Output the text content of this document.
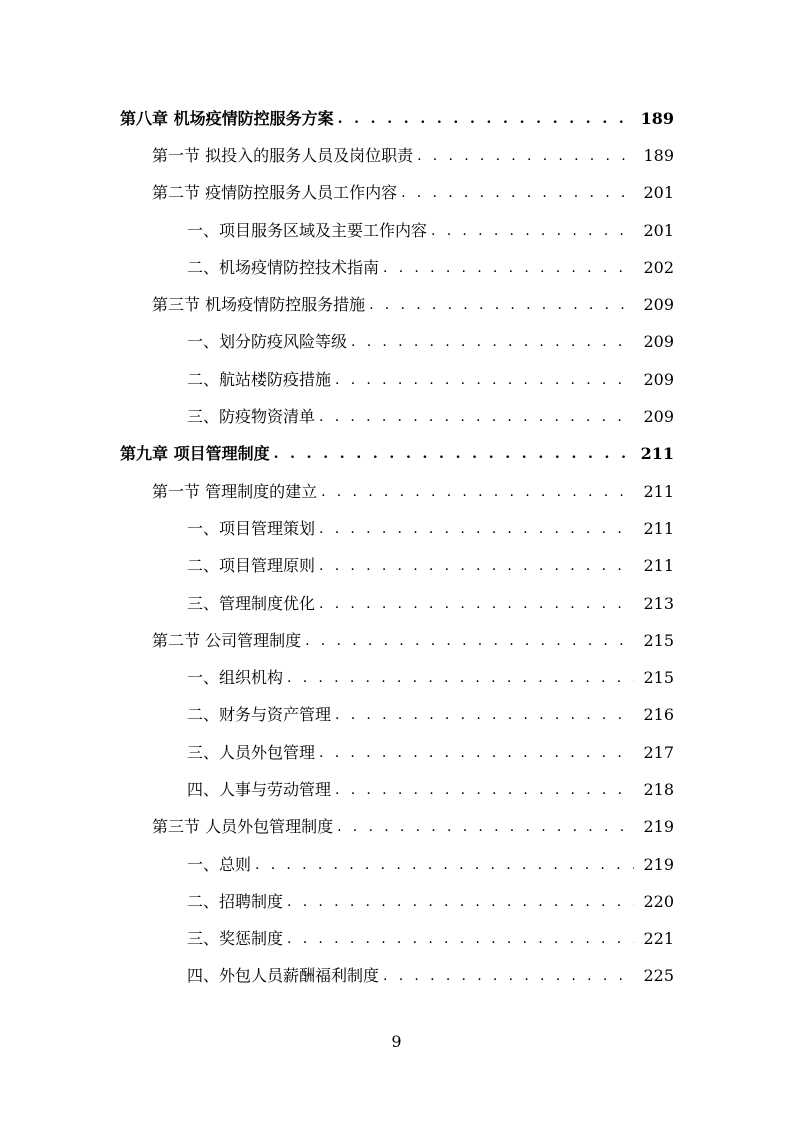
第八章 机场疫情防控服务方案 . . .	189
第一节 拟投入的服务人员及岗位职责 . . .	189
第二节 疫情防控服务人员工作内容 . . .	201
一、项目服务区域及主要工作内容 . . .	201
二、机场疫情防控技术指南 . . .	202
第三节 机场疫情防控服务措施 . . .	209
一、划分防疫风险等级 . . .	209
二、航站楼防疫措施 . . .	209
三、防疫物资清单 . . .	209
第九章 项目管理制度 . . .	211
第一节 管理制度的建立 . . .	211
一、项目管理策划 . . .	211
二、项目管理原则 . . .	211
三、管理制度优化 . . .	213
第二节 公司管理制度 . . .	215
一、组织机构 . . .	215
二、财务与资产管理 . . .	216
三、人员外包管理 . . .	217
四、人事与劳动管理 . . .	218
第三节 人员外包管理制度 . . .	219
一、总则 . . .	219
二、招聘制度 . . .	220
三、奖惩制度 . . .	221
四、外包人员薪酬福利制度 . . .	225
9
